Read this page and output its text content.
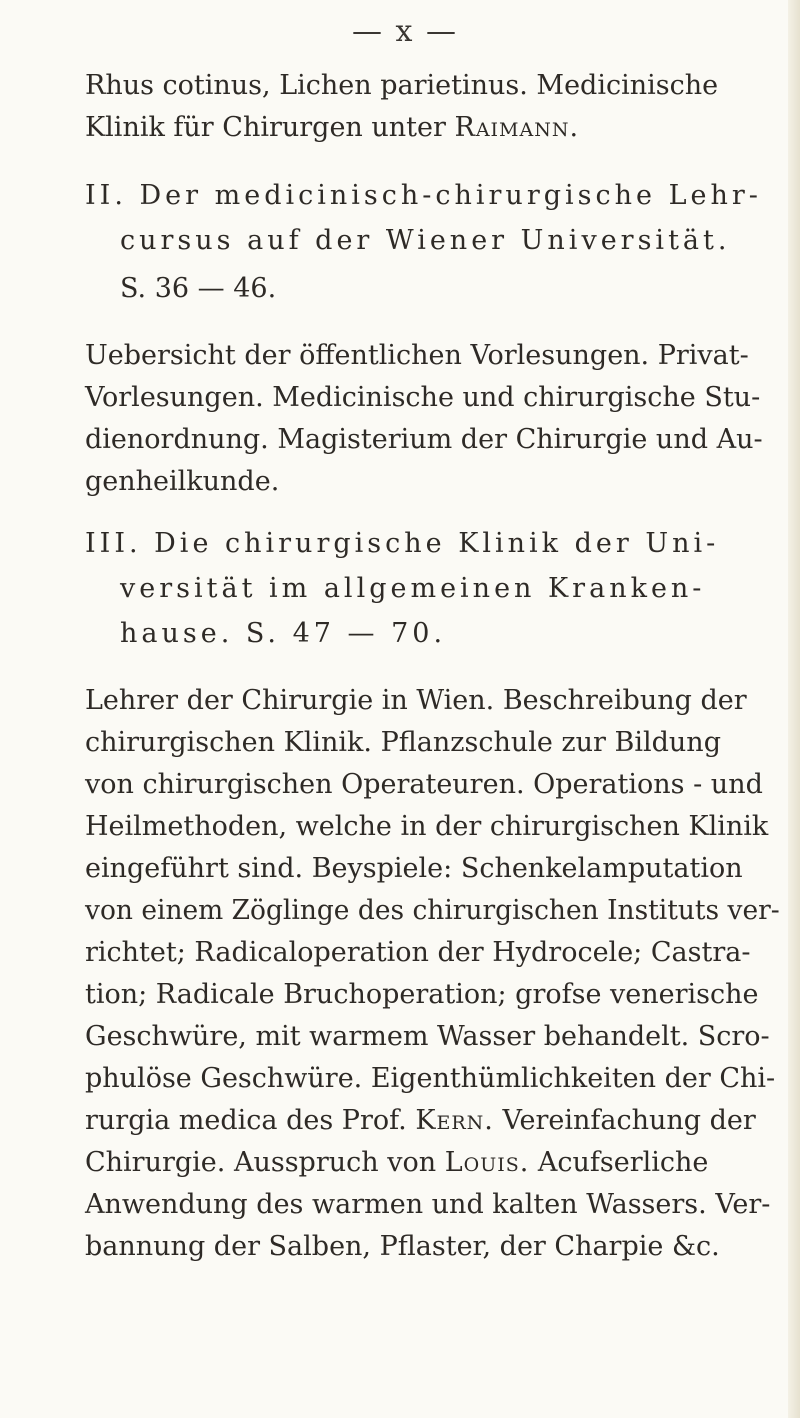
— x —
Rhus cotinus, Lichen parietinus. Medicinische
Klinik für Chirurgen unter Raimann.
II. Der medicinisch-chirurgische Lehr-
cursus auf der Wiener Universität.
S. 36 — 46.
Uebersicht der öffentlichen Vorlesungen. Privat-
Vorlesungen. Medicinische und chirurgische Stu-
dienordnung. Magisterium der Chirurgie und Au-
genheilkunde.
III. Die chirurgische Klinik der Uni-
versität im allgemeinen Kranken-
hause. S. 47 — 70.
Lehrer der Chirurgie in Wien. Beschreibung der
chirurgischen Klinik. Pflanzschule zur Bildung
von chirurgischen Operateuren. Operations - und
Heilmethoden, welche in der chirurgischen Klinik
eingeführt sind. Beyspiele: Schenkelamputation
von einem Zöglinge des chirurgischen Instituts ver-
richtet; Radicaloperation der Hydrocele; Castra-
tion; Radicale Bruchoperation; grofse venerische
Geschwüre, mit warmem Wasser behandelt. Scro-
phulöse Geschwüre. Eigenthümlichkeiten der Chi-
rurgia medica des Prof. Kern. Vereinfachung der
Chirurgie. Ausspruch von Louis. Acufserliche
Anwendung des warmen und kalten Wassers. Ver-
bannung der Salben, Pflaster, der Charpie &c.
